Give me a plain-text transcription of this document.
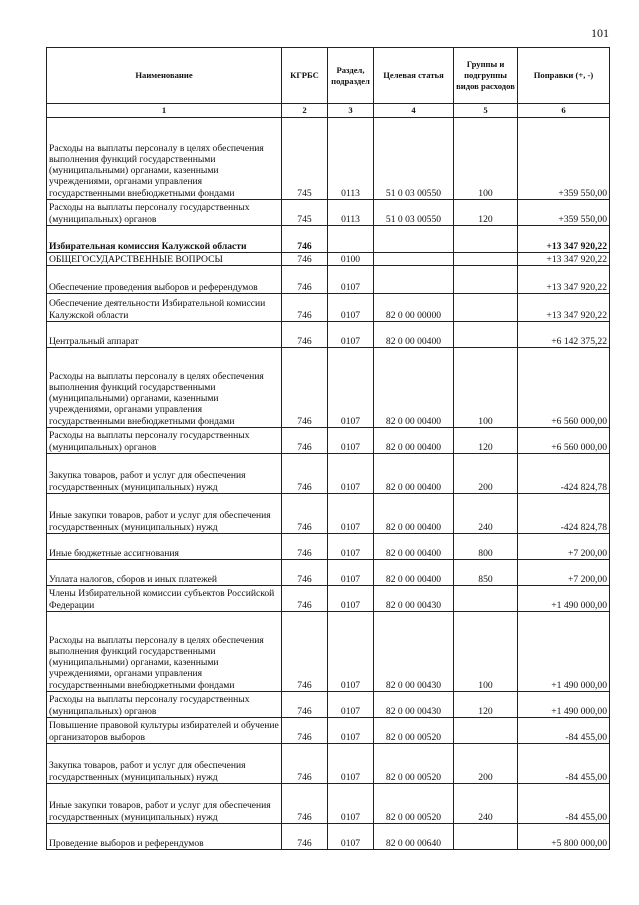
101
Наименование	КГРБС	Раздел, подраздел	Целевая статья	Группы и подгруппы видов расходов	Поправки (+, -)
1	2	3	4	5	6
Расходы на выплаты персоналу в целях обеспечения выполнения функций государственными (муниципальными) органами, казенными учреждениями, органами управления государственными внебюджетными фондами	745	0113	51 0 03 00550	100	+359 550,00
Расходы на выплаты персоналу государственных (муниципальных) органов	745	0113	51 0 03 00550	120	+359 550,00
Избирательная комиссия Калужской области	746				+13 347 920,22
ОБЩЕГОСУДАРСТВЕННЫЕ ВОПРОСЫ	746	0100			+13 347 920,22
Обеспечение проведения выборов и референдумов	746	0107			+13 347 920,22
Обеспечение деятельности Избирательной комиссии Калужской области	746	0107	82 0 00 00000		+13 347 920,22
Центральный аппарат	746	0107	82 0 00 00400		+6 142 375,22
Расходы на выплаты персоналу в целях обеспечения выполнения функций государственными (муниципальными) органами, казенными учреждениями, органами управления государственными внебюджетными фондами	746	0107	82 0 00 00400	100	+6 560 000,00
Расходы на выплаты персоналу государственных (муниципальных) органов	746	0107	82 0 00 00400	120	+6 560 000,00
Закупка товаров, работ и услуг для обеспечения государственных (муниципальных) нужд	746	0107	82 0 00 00400	200	-424 824,78
Иные закупки товаров, работ и услуг для обеспечения государственных (муниципальных) нужд	746	0107	82 0 00 00400	240	-424 824,78
Иные бюджетные ассигнования	746	0107	82 0 00 00400	800	+7 200,00
Уплата налогов, сборов и иных платежей	746	0107	82 0 00 00400	850	+7 200,00
Члены Избирательной комиссии субъектов Российской Федерации	746	0107	82 0 00 00430		+1 490 000,00
Расходы на выплаты персоналу в целях обеспечения выполнения функций государственными (муниципальными) органами, казенными учреждениями, органами управления государственными внебюджетными фондами	746	0107	82 0 00 00430	100	+1 490 000,00
Расходы на выплаты персоналу государственных (муниципальных) органов	746	0107	82 0 00 00430	120	+1 490 000,00
Повышение правовой культуры избирателей и обучение организаторов выборов	746	0107	82 0 00 00520		-84 455,00
Закупка товаров, работ и услуг для обеспечения государственных (муниципальных) нужд	746	0107	82 0 00 00520	200	-84 455,00
Иные закупки товаров, работ и услуг для обеспечения государственных (муниципальных) нужд	746	0107	82 0 00 00520	240	-84 455,00
Проведение выборов и референдумов	746	0107	82 0 00 00640		+5 800 000,00
